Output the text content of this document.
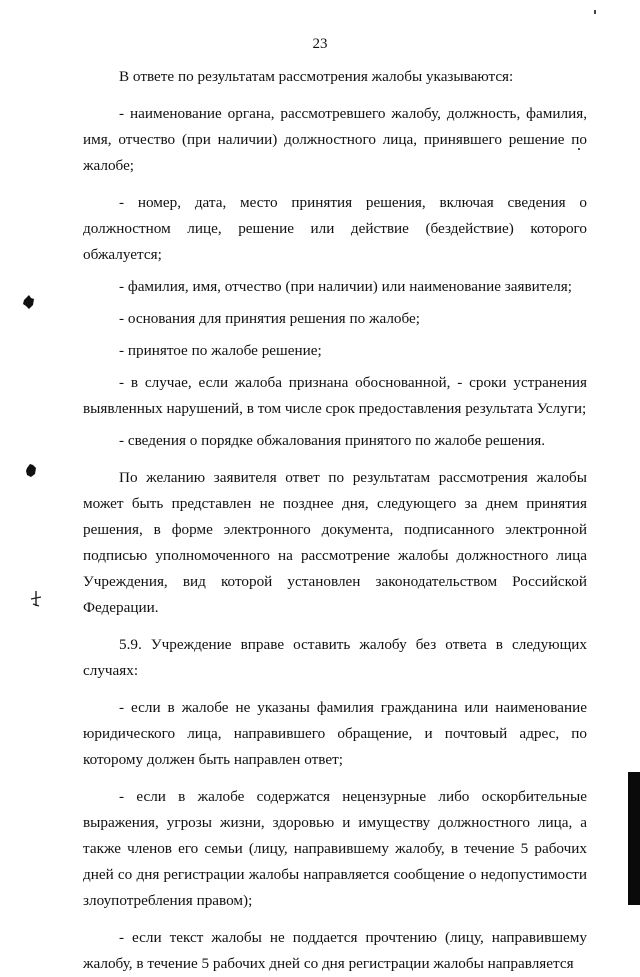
23

В ответе по результатам рассмотрения жалобы указываются:

- наименование органа, рассмотревшего жалобу, должность, фамилия, имя, отчество (при наличии) должностного лица, принявшего решение по жалобе;

- номер, дата, место принятия решения, включая сведения о должностном лице, решение или действие (бездействие) которого обжалуется;

- фамилия, имя, отчество (при наличии) или наименование заявителя;

- основания для принятия решения по жалобе;

- принятое по жалобе решение;

- в случае, если жалоба признана обоснованной, - сроки устранения выявленных нарушений, в том числе срок предоставления результата Услуги;

- сведения о порядке обжалования принятого по жалобе решения.

По желанию заявителя ответ по результатам рассмотрения жалобы может быть представлен не позднее дня, следующего за днем принятия решения, в форме электронного документа, подписанного электронной подписью уполномоченного на рассмотрение жалобы должностного лица Учреждения, вид которой установлен законодательством Российской Федерации.

5.9. Учреждение вправе оставить жалобу без ответа в следующих случаях:

- если в жалобе не указаны фамилия гражданина или наименование юридического лица, направившего обращение, и почтовый адрес, по которому должен быть направлен ответ;

- если в жалобе содержатся нецензурные либо оскорбительные выражения, угрозы жизни, здоровью и имуществу должностного лица, а также членов его семьи (лицу, направившему жалобу, в течение 5 рабочих дней со дня регистрации жалобы направляется сообщение о недопустимости злоупотребления правом);

- если текст жалобы не поддается прочтению (лицу, направившему жалобу, в течение 5 рабочих дней со дня регистрации жалобы направляется
